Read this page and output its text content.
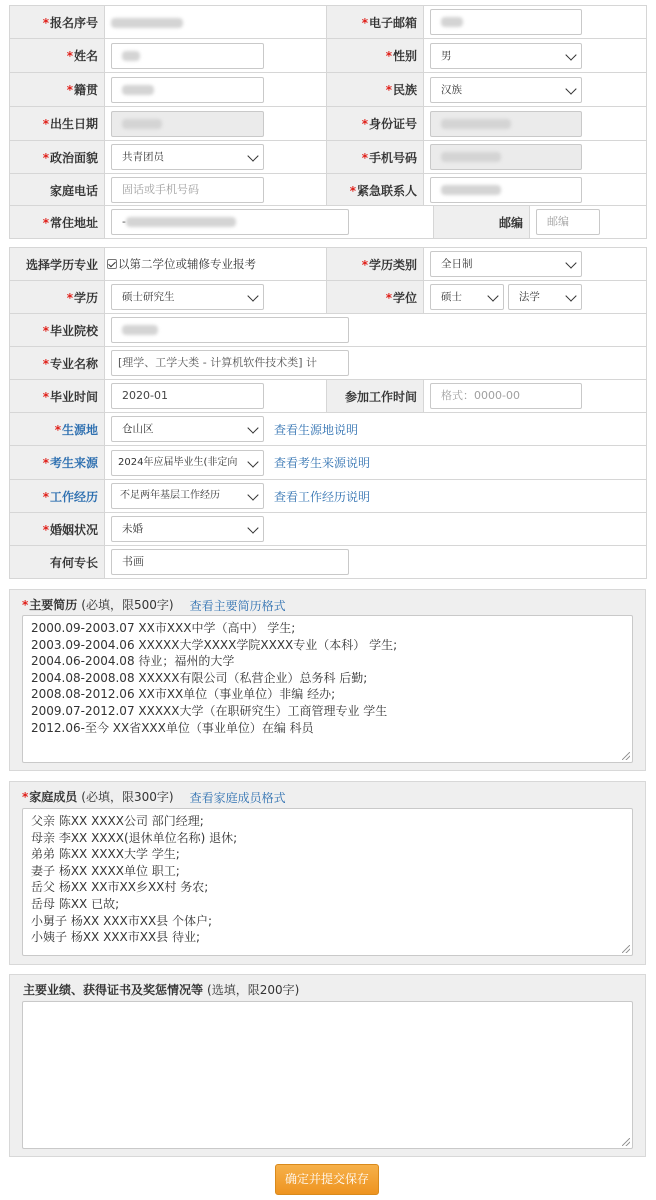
*报名序号		*电子邮箱	
*姓名		*性别	男

*籍贯		*民族	汉族

*出生日期		*身份证号	
*政治面貌	共青团员	*手机号码	
家庭电话	固话或手机号码	*紧急联系人	
*常住地址	-	邮编	邮编
选择学历专业	以第二学位或辅修专业报考	*学历类别	全日制

*学历	硕士研究生	*学位	硕士 法学

*毕业院校			
*专业名称	[理学、工学大类 - 计算机软件技术类] 计		
*毕业时间	2020-01	参加工作时间	格式：0000-00
*生源地	仓山区 查看生源地说明		
*考生来源	2024年应届毕业生(非定向 查看考生来源说明		
*工作经历	不足两年基层工作经历 查看工作经历说明		
*婚姻状况	未婚		

有何专长	书画		
*主要简历 (必填，限500字) 查看主要简历格式
2000.09-2003.07 XX市XXX中学（高中） 学生;
2003.09-2004.06 XXXXX大学XXXX学院XXXX专业（本科） 学生;
2004.06-2004.08 待业；福州的大学
2004.08-2008.08 XXXXX有限公司（私营企业）总务科 后勤;
2008.08-2012.06 XX市XX单位（事业单位）非编 经办;
2009.07-2012.07 XXXXX大学（在职研究生）工商管理专业 学生
2012.06-至今 XX省XXX单位（事业单位）在编 科员
*家庭成员 (必填，限300字) 查看家庭成员格式
父亲 陈XX XXXX公司 部门经理;
母亲 李XX XXXX(退休单位名称) 退休;
弟弟 陈XX XXXX大学 学生;
妻子 杨XX XXXX单位 职工;
岳父 杨XX XX市XX乡XX村 务农;
岳母 陈XX 已故;
小舅子 杨XX XXX市XX县 个体户;
小姨子 杨XX XXX市XX县 待业;
主要业绩、获得证书及奖惩情况等 (选填，限200字)
确定并提交保存
